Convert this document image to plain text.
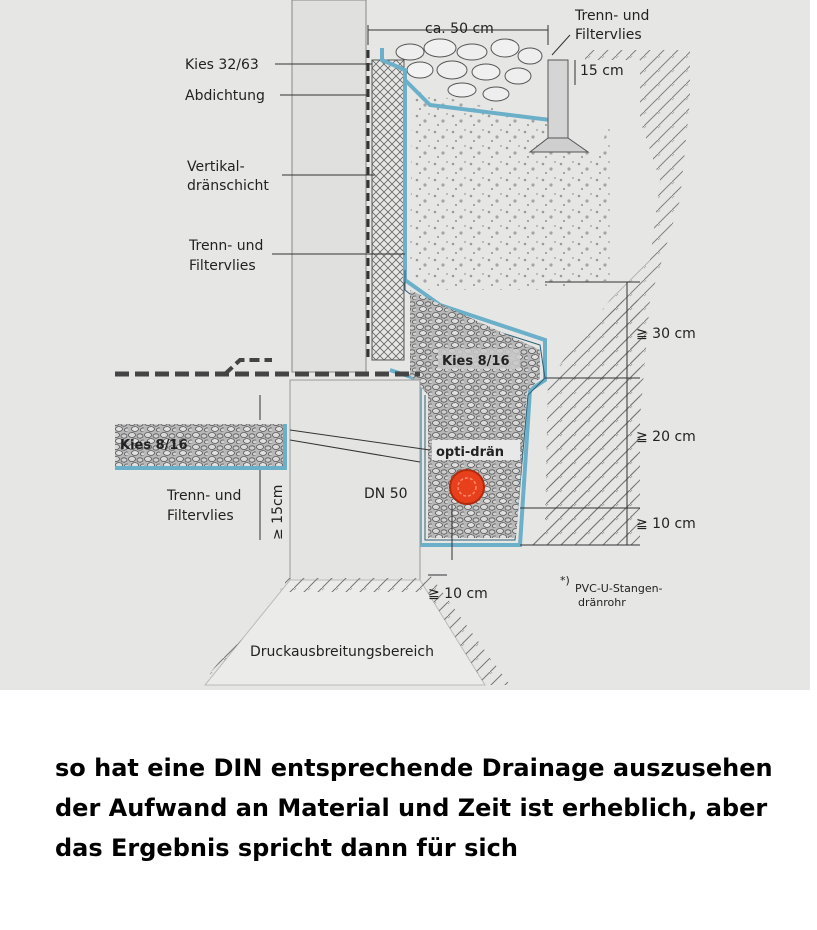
Kies 32/63
Abdichtung
Vertikal-
dränschicht
Trenn- und
Filtervlies
ca. 50 cm
Trenn- und
Filtervlies
15 cm
≧ 30 cm
≧ 20 cm
≧ 10 cm
Kies 8/16
Kies 8/16	opti-drän
DN 50
Trenn- und
Filtervlies	≥ 15cm
≧ 10 cm
*)
PVC-U-Stangen-
dränrohr
Druckausbreitungsbereich

so hat eine DIN entsprechende Drainage auszusehen
der Aufwand an Material und Zeit ist erheblich, aber
das Ergebnis spricht dann für sich
